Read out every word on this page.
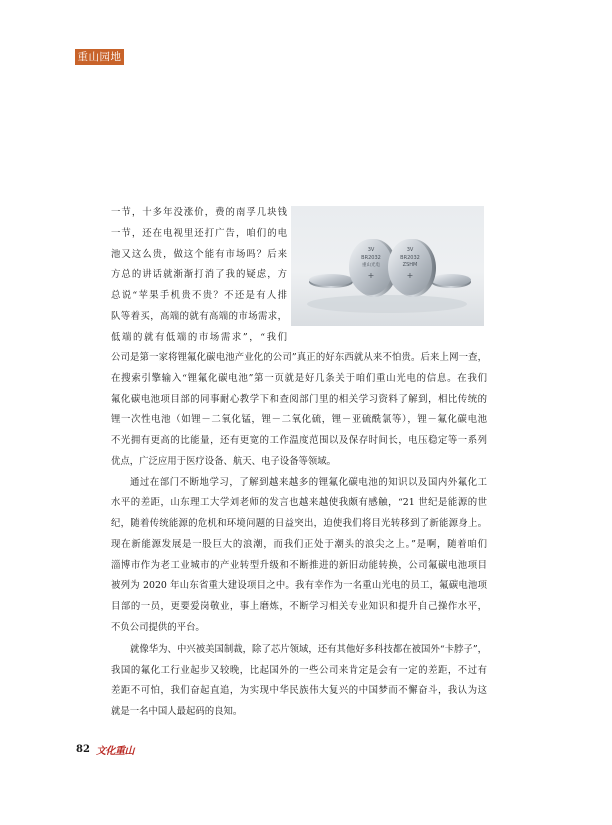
重山园地
3V
BR2032
重山光电
+
3V
BR2032
ZSHM
+
一节，十多年没涨价，费的南孚几块钱
一节，还在电视里还打广告，咱们的电
池又这么贵，做这个能有市场吗？后来
方总的讲话就渐渐打消了我的疑虑，方
总说“苹果手机贵不贵？不还是有人排
队等着买，高端的就有高端的市场需求，
低端的就有低端的市场需求”，“我们
公司是第一家将锂氟化碳电池产业化的公司”真正的好东西就从来不怕贵。后来上网一查，
在搜索引擎输入“锂氟化碳电池”第一页就是好几条关于咱们重山光电的信息。在我们
氟化碳电池项目部的同事耐心教学下和查阅部门里的相关学习资料了解到，相比传统的
锂一次性电池（如锂－二氧化锰，锂－二氧化硫，锂－亚硫酰氯等），锂－氟化碳电池
不光拥有更高的比能量，还有更宽的工作温度范围以及保存时间长，电压稳定等一系列
优点，广泛应用于医疗设备、航天、电子设备等领域。
通过在部门不断地学习，了解到越来越多的锂氟化碳电池的知识以及国内外氟化工
水平的差距，山东理工大学刘老师的发言也越来越使我颇有感触，“21 世纪是能源的世
纪，随着传统能源的危机和环境问题的日益突出，迫使我们将目光转移到了新能源身上。
现在新能源发展是一股巨大的浪潮，而我们正处于潮头的浪尖之上。”是啊，随着咱们
淄博市作为老工业城市的产业转型升级和不断推进的新旧动能转换，公司氟碳电池项目
被列为 2020 年山东省重大建设项目之中。我有幸作为一名重山光电的员工，氟碳电池项
目部的一员，更要爱岗敬业，事上磨炼，不断学习相关专业知识和提升自己操作水平，
不负公司提供的平台。
就像华为、中兴被美国制裁，除了芯片领域，还有其他好多科技都在被国外“卡脖子”，
我国的氟化工行业起步又较晚，比起国外的一些公司来肯定是会有一定的差距，不过有
差距不可怕，我们奋起直追，为实现中华民族伟大复兴的中国梦而不懈奋斗，我认为这
就是一名中国人最起码的良知。
82 文化重山
